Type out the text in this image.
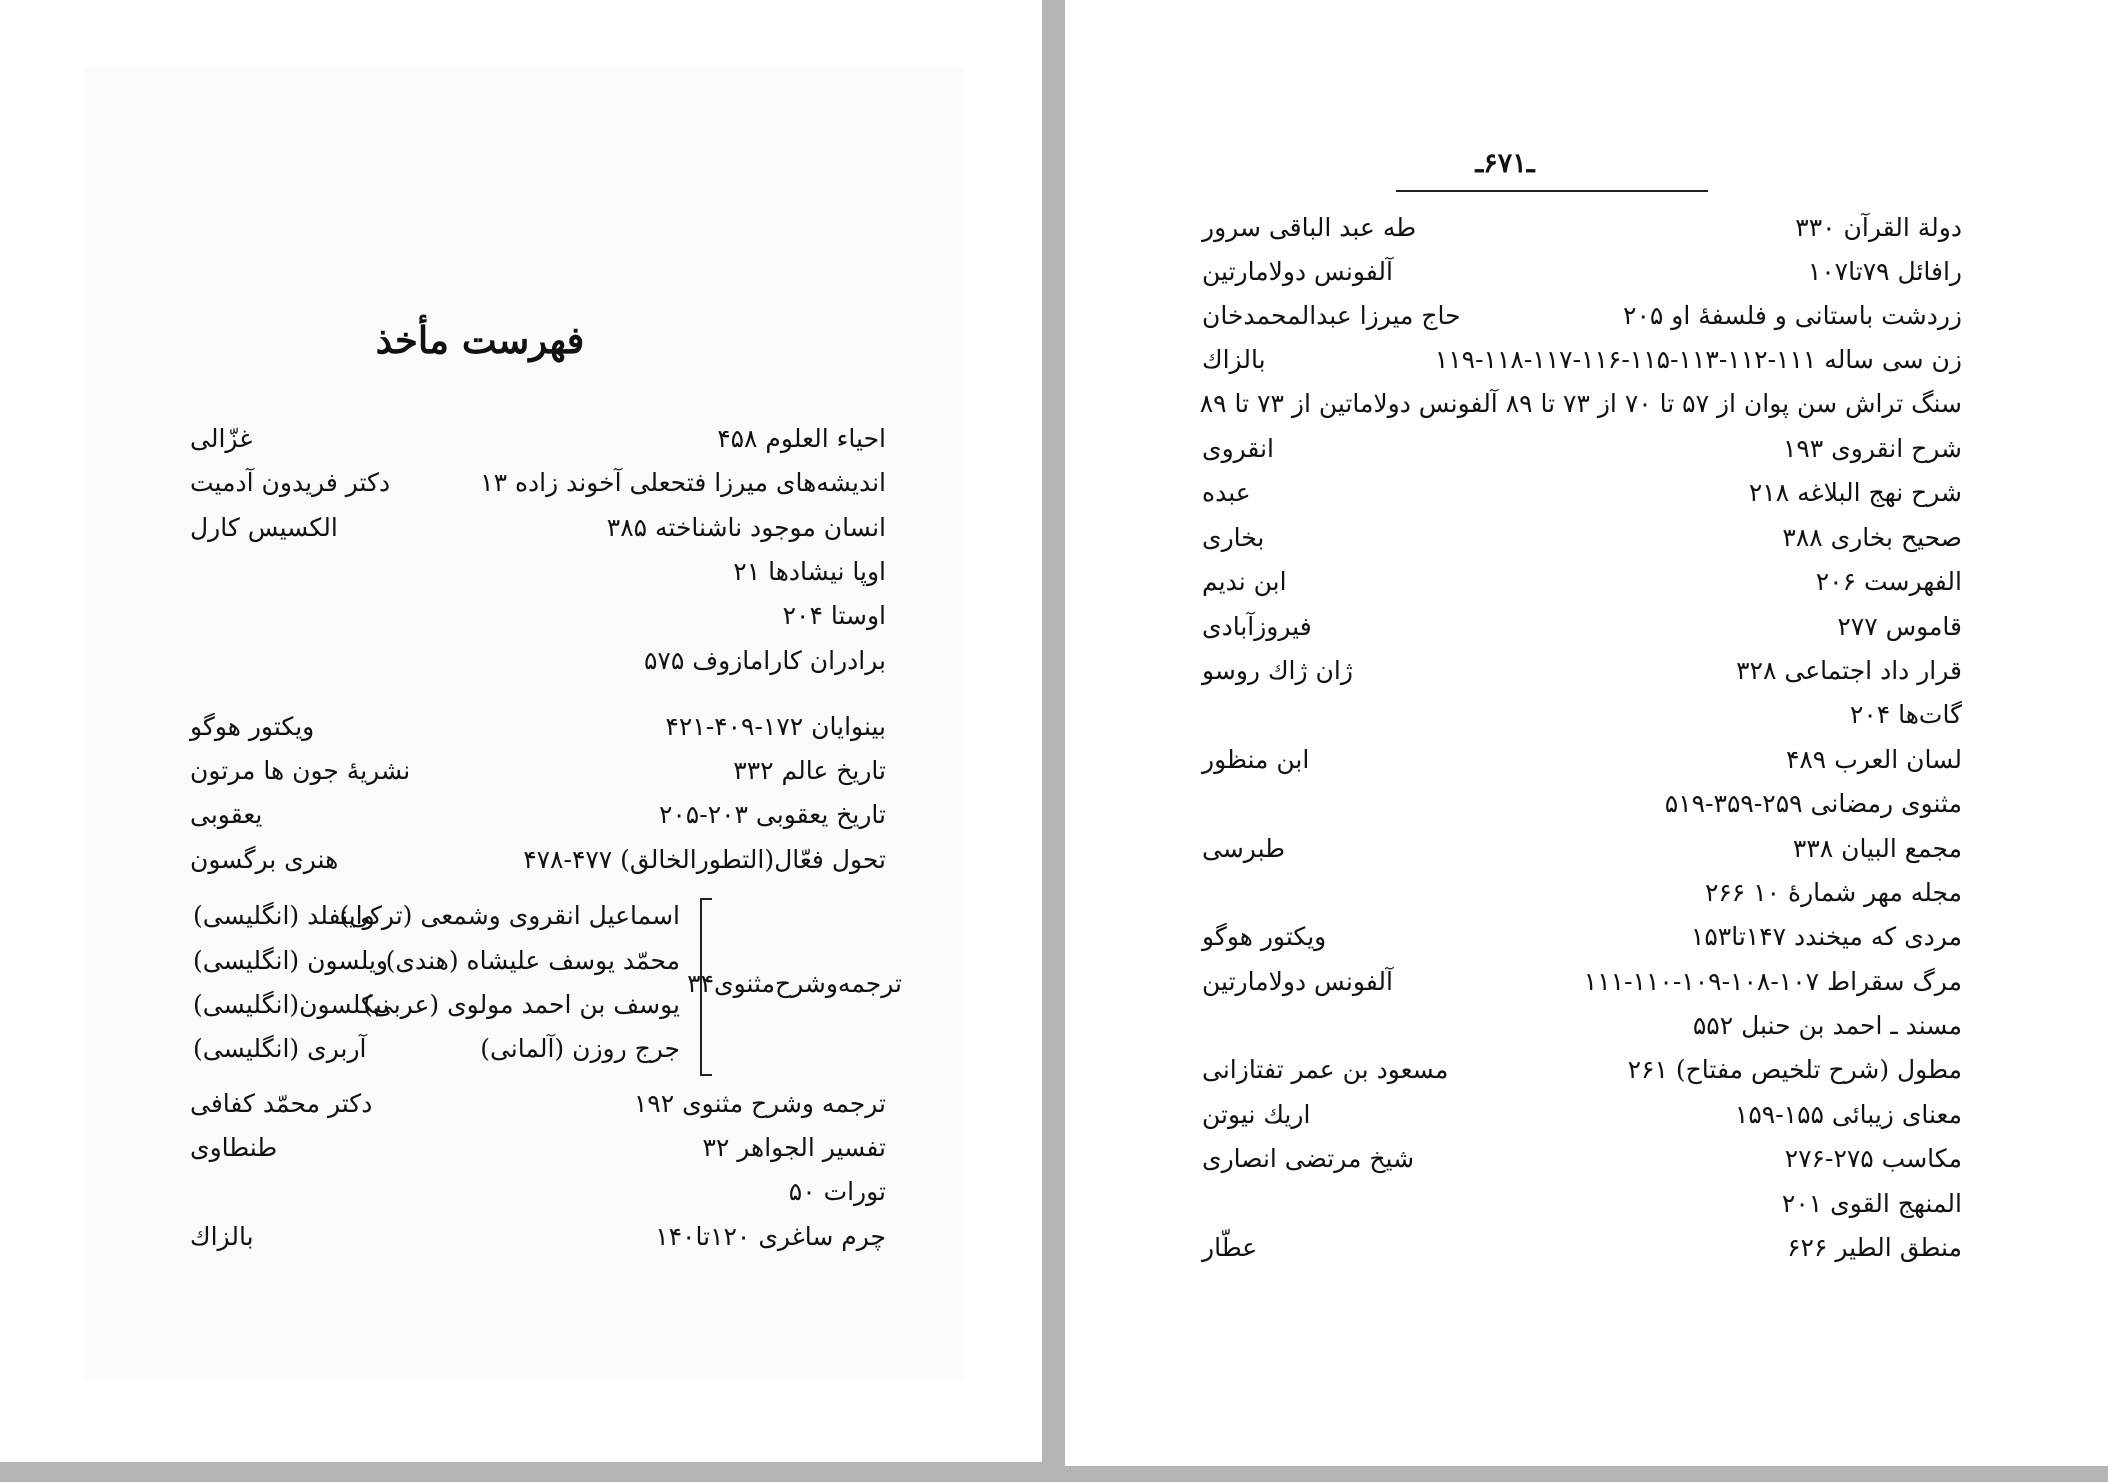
فهرست مأخذ
احياء العلوم ۴۵۸
غزّالى
انديشه‌هاى ميرزا فتحعلى آخوند زاده ۱۳
دكتر فريدون آدميت
انسان موجود ناشناخته ۳۸۵
الكسيس كارل
اوپا نيشادها ۲۱
اوستا ۲۰۴
برادران كارامازوف ۵۷۵
بينوايان ۱۷۲-۴۰۹-۴۲۱
ويكتور هوگو
تاريخ عالم ۳۳۲
نشريهٔ جون ها مرتون
تاريخ يعقوبى ۲۰۳-۲۰۵
يعقوبى
تحول فعّال(التطورالخالق) ۴۷۷-۴۷۸
هنرى برگسون
ترجمه‌وشرح‌مثنوى۳۴
اسماعيل انقروى وشمعى (تركى)
واينفلد (انگليسى)
محمّد يوسف عليشاه (هندى)
ويلسون (انگليسى)
يوسف بن احمد مولوى (عربى)
نيكلسون(انگليسى)
جرج روزن (آلمانى)
آربرى (انگليسى)
ترجمه وشرح مثنوى ۱۹۲
دكتر محمّد كفافى
تفسير الجواهر ۳۲
طنطاوى
تورات ۵۰
چرم ساغرى ۱۲۰تا۱۴۰
بالزاك
ـ۶۷۱ـ
دولة القرآن ۳۳۰
طه عبد الباقى سرور
رافائل ۷۹تا۱۰۷
آلفونس دولامارتين
زردشت باستانى و فلسفهٔ او ۲۰۵
حاج ميرزا عبدالمحمدخان
زن سى ساله ۱۱۱-۱۱۲-۱۱۳-۱۱۵-۱۱۶-۱۱۷-۱۱۸-۱۱۹
بالزاك
سنگ تراش سن پوان از ۵۷ تا ۷۰ از ۷۳ تا ۸۹ آلفونس دولاماتين از ۷۳ تا ۸۹
شرح انقروى ۱۹۳
انقروى
شرح نهج البلاغه ۲۱۸
عبده
صحيح بخارى ۳۸۸
بخارى
الفهرست ۲۰۶
ابن نديم
قاموس ۲۷۷
فيروزآبادى
قرار داد اجتماعى ۳۲۸
ژان ژاك روسو
گات‌ها ۲۰۴
لسان العرب ۴۸۹
ابن منظور
مثنوى رمضانى ۲۵۹-۳۵۹-۵۱۹
مجمع البيان ۳۳۸
طبرسى
مجله مهر شمارهٔ ۱۰ ۲۶۶
مردى كه ميخندد ۱۴۷تا۱۵۳
ويكتور هوگو
مرگ سقراط ۱۰۷-۱۰۸-۱۰۹-۱۱۰-۱۱۱
آلفونس دولامارتين
مسند ـ احمد بن حنبل ۵۵۲
مطول (شرح تلخيص مفتاح) ۲۶۱
مسعود بن عمر تفتازانى
معناى زيبائى ۱۵۵-۱۵۹
اريك نيوتن
مكاسب ۲۷۵-۲۷۶
شيخ مرتضى انصارى
المنهج القوى ۲۰۱
منطق الطير ۶۲۶
عطّار
